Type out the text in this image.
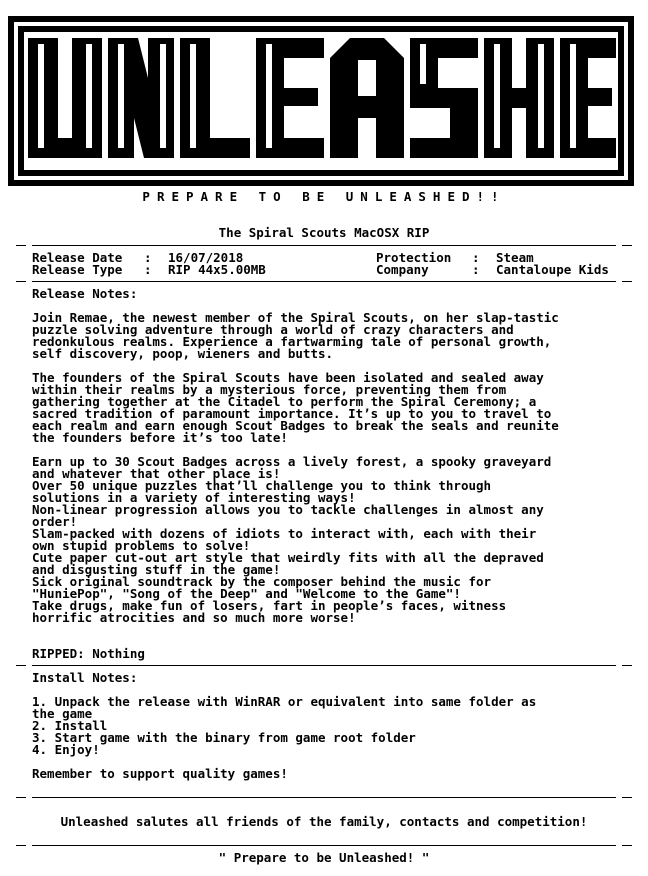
PREPARE TO BE UNLEASHED!!

The Spiral Scouts MacOSX RIP

Release Date : 16/07/2018	Protection : Steam

Release Type : RIP 44x5.00MB	Company	: Cantaloupe Kids

Release Notes:

Join Remae, the newest member of the Spiral Scouts, on her slap-tastic
puzzle solving adventure through a world of crazy characters and
redonkulous realms. Experience a fartwarming tale of personal growth,
self discovery, poop, wieners and butts.

The founders of the Spiral Scouts have been isolated and sealed away
within their realms by a mysterious force, preventing them from
gathering together at the Citadel to perform the Spiral Ceremony; a
sacred tradition of paramount importance. It’s up to you to travel to
each realm and earn enough Scout Badges to break the seals and reunite
the founders before it’s too late!

Earn up to 30 Scout Badges across a lively forest, a spooky graveyard
and whatever that other place is!
Over 50 unique puzzles that’ll challenge you to think through
solutions in a variety of interesting ways!
Non-linear progression allows you to tackle challenges in almost any
order!
Slam-packed with dozens of idiots to interact with, each with their
own stupid problems to solve!
Cute paper cut-out art style that weirdly fits with all the depraved
and disgusting stuff in the game!
Sick original soundtrack by the composer behind the music for
"HuniePop", "Song of the Deep" and "Welcome to the Game"!
Take drugs, make fun of losers, fart in people’s faces, witness
horrific atrocities and so much more worse!

RIPPED: Nothing

Install Notes:

1. Unpack the release with WinRAR or equivalent into same folder as
the game
2. Install
3. Start game with the binary from game root folder
4. Enjoy!

Remember to support quality games!

Unleashed salutes all friends of the family, contacts and competition!

" Prepare to be Unleashed! "
